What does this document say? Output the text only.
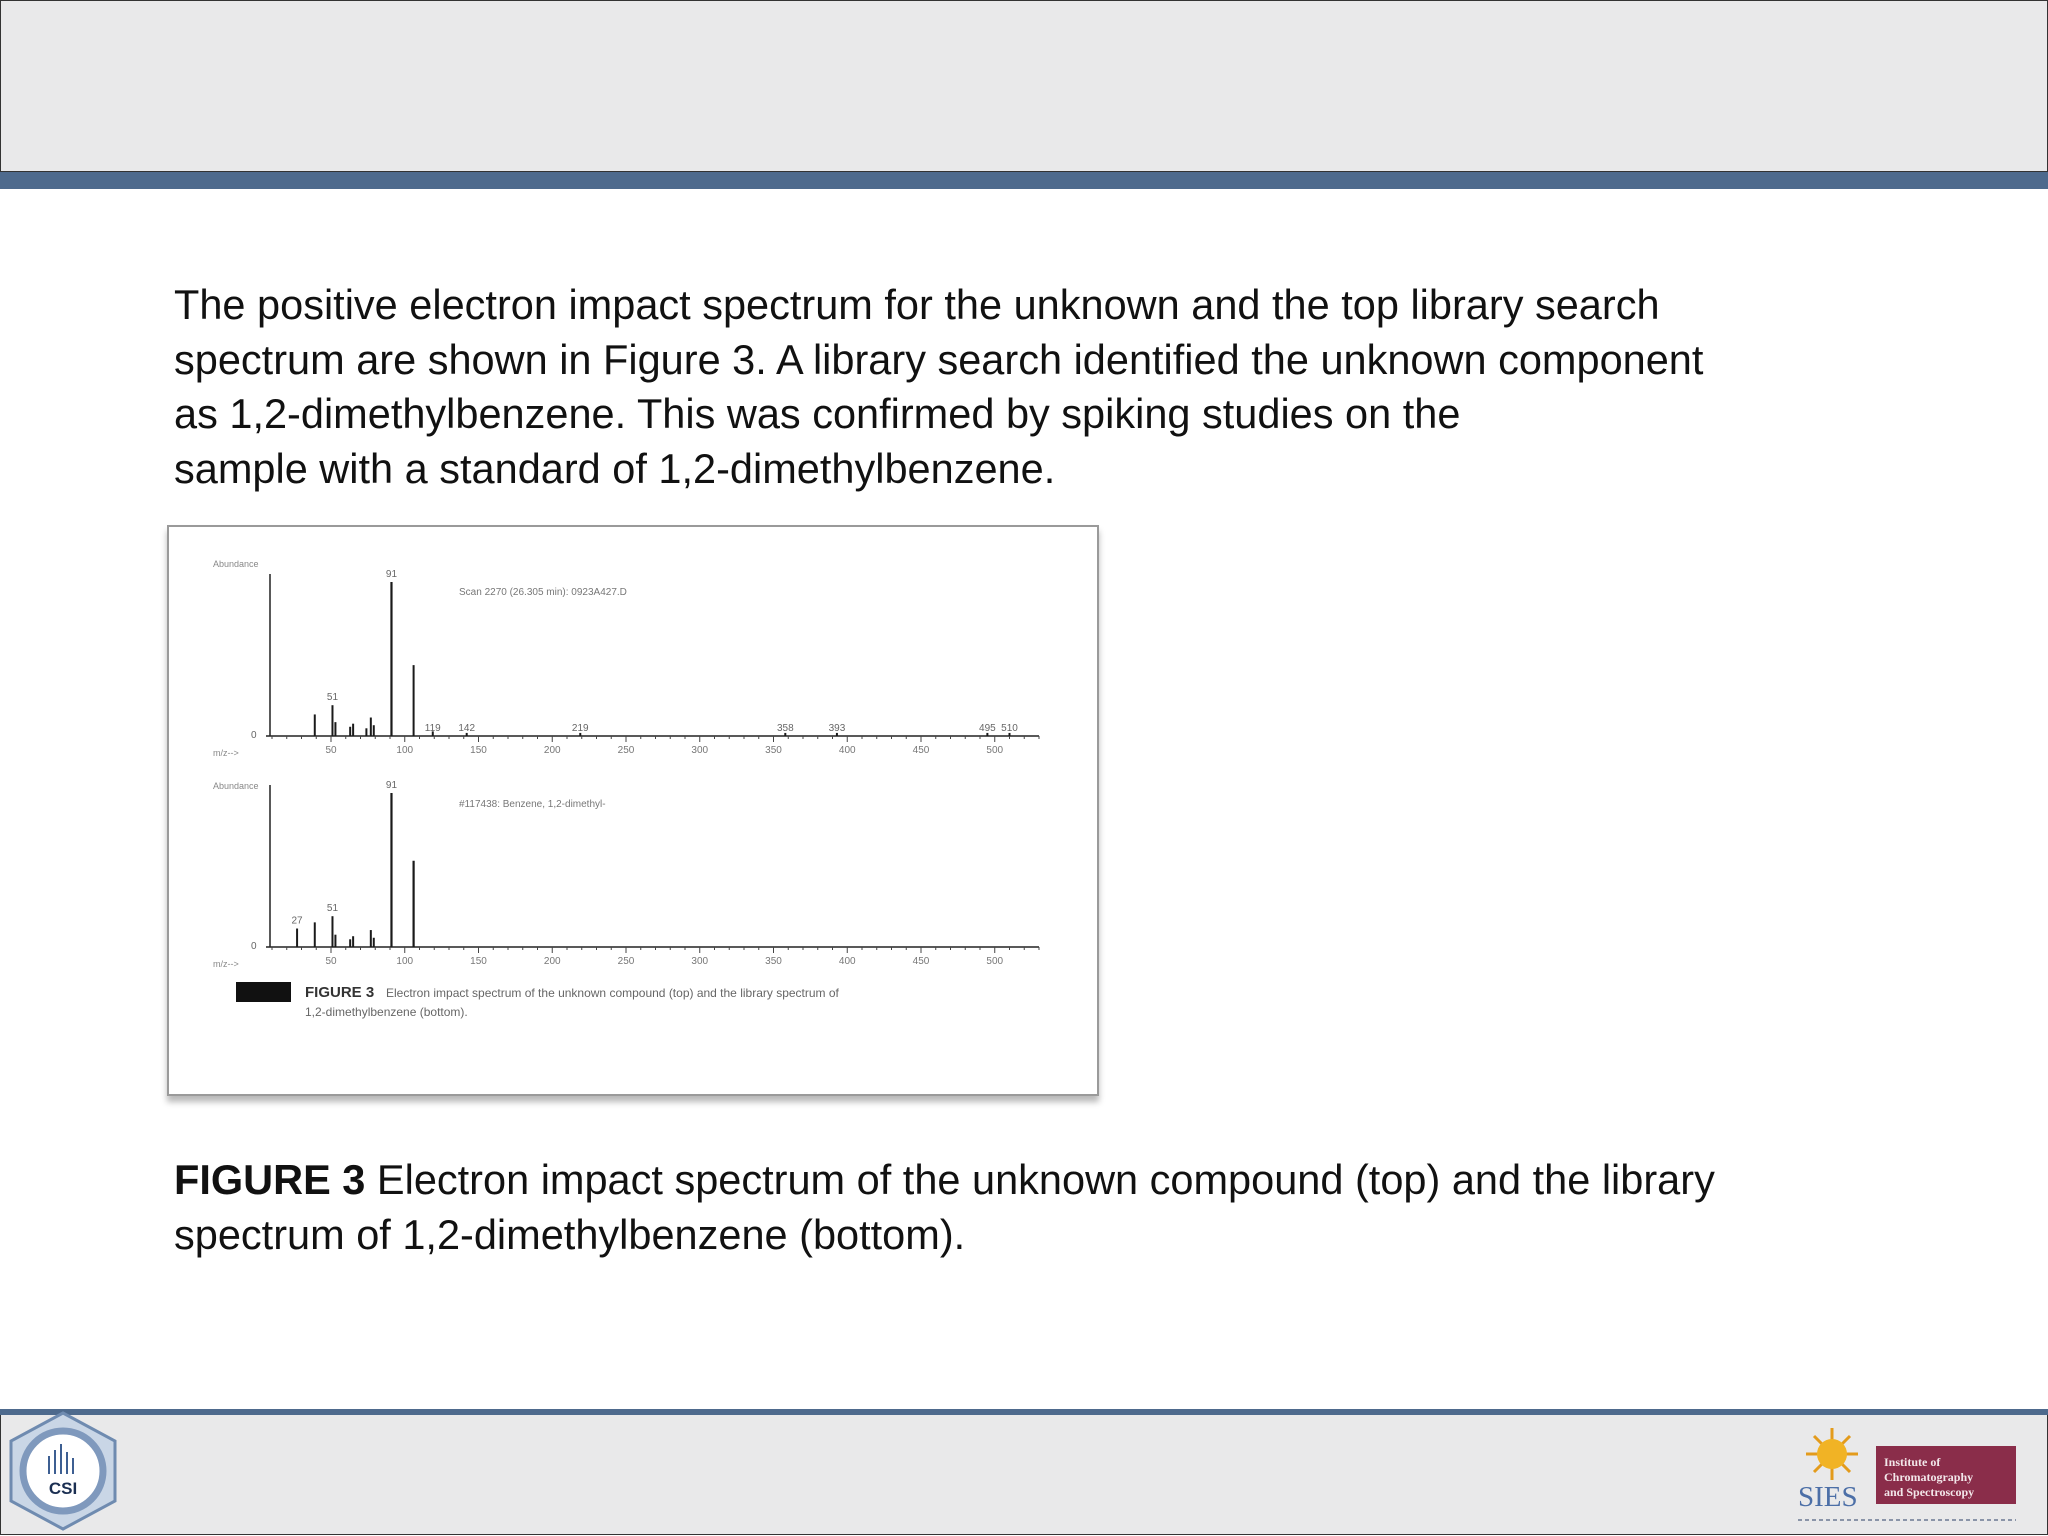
The positive electron impact spectrum for the unknown and the top library search
spectrum are shown in Figure 3. A library search identified the unknown component
as 1,2-dimethylbenzene. This was confirmed by spiking studies on the
sample with a standard of 1,2-dimethylbenzene.

50	100	150	200	250	300	350	400	450	500
51
91
119 142	219	358	393	495 510
Abundance
0
m/z-->
Scan 2270 (26.305 min): 0923A427.D
50	100	150	200	250	300	350	400	450	500
27
51
91
Abundance
0
m/z-->
#117438: Benzene, 1,2-dimethyl-
FIGURE 3 Electron impact spectrum of the unknown compound (top) and the library spectrum of
1,2-dimethylbenzene (bottom).

FIGURE 3 Electron impact spectrum of the unknown compound (top) and the library
spectrum of 1,2-dimethylbenzene (bottom).

CSI	SIES
Institute of
Chromatography
and Spectroscopy
